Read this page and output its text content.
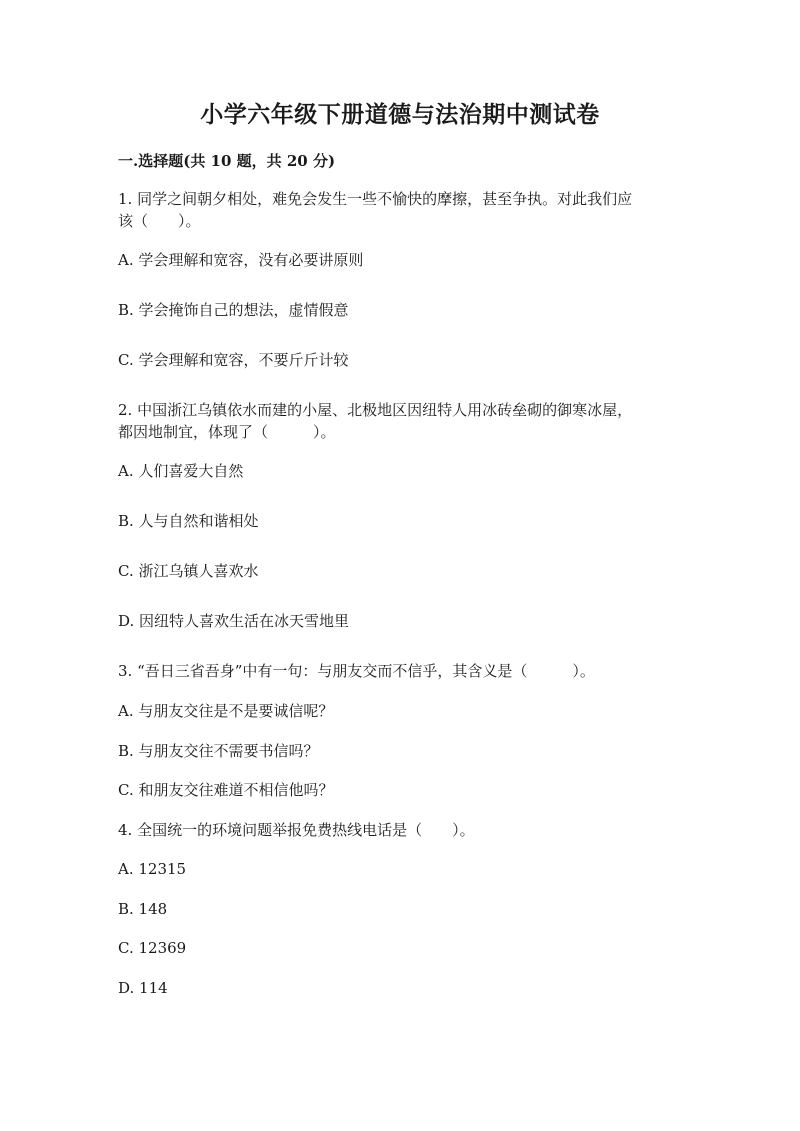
小学六年级下册道德与法治期中测试卷
一.选择题(共 10 题，共 20 分)
1. 同学之间朝夕相处，难免会发生一些不愉快的摩擦，甚至争执。对此我们应
该（　　）。
A. 学会理解和宽容，没有必要讲原则
B. 学会掩饰自己的想法，虚情假意
C. 学会理解和宽容，不要斤斤计较
2. 中国浙江乌镇依水而建的小屋、北极地区因纽特人用冰砖垒砌的御寒冰屋，
都因地制宜，体现了（　　　）。
A. 人们喜爱大自然
B. 人与自然和谐相处
C. 浙江乌镇人喜欢水
D. 因纽特人喜欢生活在冰天雪地里
3. “吾日三省吾身”中有一句：与朋友交而不信乎，其含义是（　　　）。
A. 与朋友交往是不是要诚信呢？
B. 与朋友交往不需要书信吗？
C. 和朋友交往难道不相信他吗？
4. 全国统一的环境问题举报免费热线电话是（　　）。
A. 12315
B. 148
C. 12369
D. 114
